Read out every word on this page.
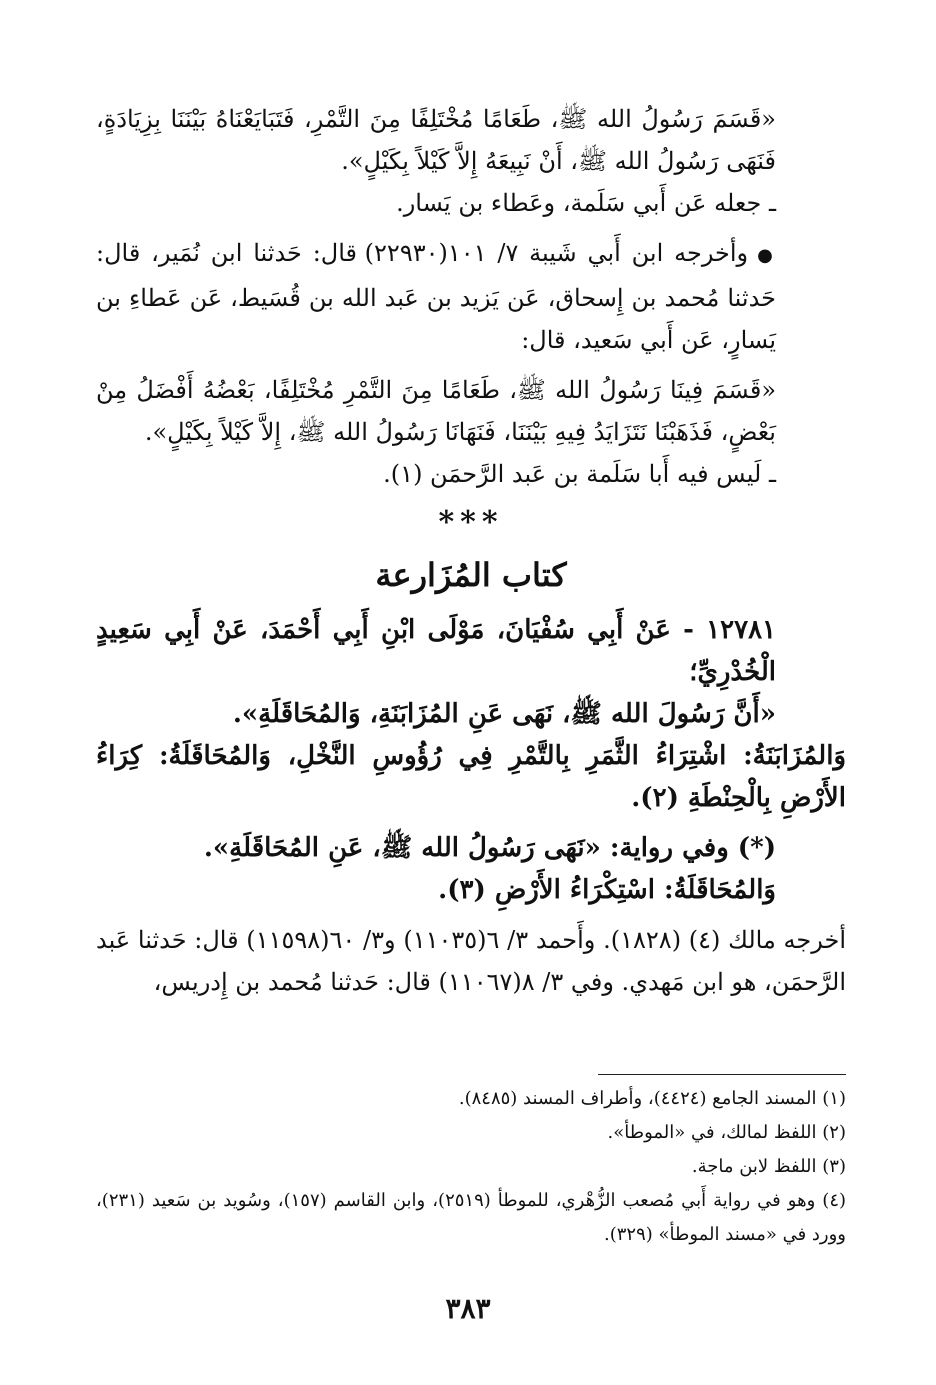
«قَسَمَ رَسُولُ الله ﷺ، طَعَامًا مُخْتَلِفًا مِنَ التَّمْرِ، فَتَبَايَعْنَاهُ بَيْنَنَا بِزِيَادَةٍ، فَنَهَى رَسُولُ الله ﷺ، أَنْ نَبِيعَهُ إِلاَّ كَيْلاً بِكَيْلٍ».

ـ جعله عَن أَبي سَلَمة، وعَطاء بن يَسار.

● وأخرجه ابن أَبي شَيبة ٧/ ١٠١(٢٢٩٣٠) قال: حَدثنا ابن نُمَير، قال: حَدثنا مُحمد بن إِسحاق، عَن يَزيد بن عَبد الله بن قُسَيط، عَن عَطاءِ بن يَسارٍ، عَن أَبي سَعيد، قال:

«قَسَمَ فِينَا رَسُولُ الله ﷺ، طَعَامًا مِنَ التَّمْرِ مُخْتَلِفًا، بَعْضُهُ أَفْضَلُ مِنْ بَعْضٍ، فَذَهَبْنَا نَتَزَايَدُ فِيهِ بَيْنَنَا، فَنَهَانَا رَسُولُ الله ﷺ، إِلاَّ كَيْلاً بِكَيْلٍ».

ـ لَيس فيه أَبا سَلَمة بن عَبد الرَّحمَن (١).

***
كتاب المُزَارعة

١٢٧٨١ - عَنْ أَبِي سُفْيَانَ، مَوْلَى ابْنِ أَبِي أَحْمَدَ، عَنْ أَبِي سَعِيدٍ الْخُدْرِيِّ؛

«أَنَّ رَسُولَ الله ﷺ، نَهَى عَنِ المُزَابَنَةِ، وَالمُحَاقَلَةِ».

وَالمُزَابَنَةُ: اشْتِرَاءُ الثَّمَرِ بِالتَّمْرِ فِي رُؤُوسِ النَّخْلِ، وَالمُحَاقَلَةُ: كِرَاءُ الأَرْضِ بِالْحِنْطَةِ (٢).

(*) وفي رواية: «نَهَى رَسُولُ الله ﷺ، عَنِ المُحَاقَلَةِ».

وَالمُحَاقَلَةُ: اسْتِكْرَاءُ الأَرْضِ (٣).

أخرجه مالك (٤) (١٨٢٨). وأَحمد ٣/ ٦(١١٠٣٥) و٣/ ٦٠(١١٥٩٨) قال: حَدثنا عَبد الرَّحمَن، هو ابن مَهدي. وفي ٣/ ٨(١١٠٦٧) قال: حَدثنا مُحمد بن إِدريس،

(١) المسند الجامع (٤٤٢٤)، وأطراف المسند (٨٤٨٥).

(٢) اللفظ لمالك، في «الموطأ».

(٣) اللفظ لابن ماجة.

(٤) وهو في رواية أَبي مُصعب الزُّهْري، للموطأ (٢٥١٩)، وابن القاسم (١٥٧)، وسُويد بن سَعيد (٢٣١)، وورد في «مسند الموطأ» (٣٢٩).

٣٨٣
